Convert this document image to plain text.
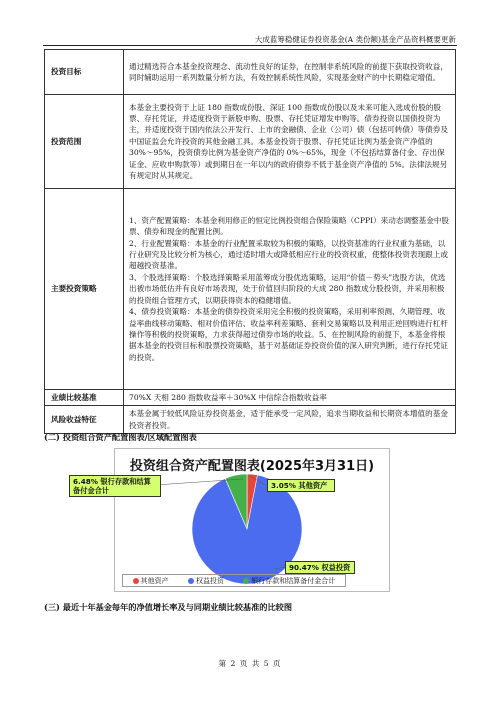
大成蓝筹稳健证券投资基金(A 类份额)基金产品资料概要更新
投资目标	通过精选符合本基金投资理念、流动性良好的证券，在控制非系统风险的前提下获取投资收益，同时辅助运用一系列数量分析方法，有效控制系统性风险，实现基金财产的中长期稳定增值。
投资范围	本基金主要投资于上证 180 指数成份股、深证 100 指数成份股以及未来可能入选成份股的股票、存托凭证，并适度投资于新股申购、股票、存托凭证增发申购等。债券投资以国债投资为主，并适度投资于国内依法公开发行、上市的金融债、企业（公司）债（包括可转债）等债券及中国证监会允许投资的其他金融工具。本基金投资于股票、存托凭证比例为基金资产净值的 30%～95%，投资债券比例为基金资产净值的 0%～65%，现金（不包括结算备付金、存出保证金、应收申购款等）或到期日在一年以内的政府债券不低于基金资产净值的 5%。法律法规另有规定时从其规定。
主要投资策略	1、资产配置策略：本基金利用修正的恒定比例投资组合保险策略（CPPI）来动态调整基金中股票、债券和现金的配置比例。
2、行业配置策略：本基金的行业配置采取较为积极的策略，以投资基准的行业权重为基础，以行业研究及比较分析为核心，通过适时增大或降低相应行业的投资权重，使整体投资表现跟上或超越投资基准。
3、个股选择策略：个股选择策略采用蓝筹成分股优选策略，运用“价值－势头”选股方法，优选出被市场低估并有良好市场表现，处于价值回归阶段的大成 280 指数成分股投资，并采用积极的投资组合管理方式，以期获得资本的稳健增值。
4、债券投资策略：本基金的债券投资采用完全积极的投资策略，采用利率预测、久期管理、收益率曲线移动策略、相对价值评估、收益率利差策略、套利交易策略以及利用正逆回购进行杠杆操作等积极的投资策略，力求获得超过债券市场的收益。5、在控制风险的前提下，本基金将根据本基金的投资目标和股票投资策略，基于对基础证券投资价值的深入研究判断，进行存托凭证的投资。
业绩比较基准	70%X 天相 280 指数收益率＋30%X 中信综合指数收益率
风险收益特征	本基金属于较低风险证券投资基金，适于能承受一定风险，追求当期收益和长期资本增值的基金投资者投资。
(二) 投资组合资产配置图表/区域配置图表
投资组合资产配置图表(2025年3月31日)
6.48% 银行存款和结算备付金合计
3.05% 其他资产
90.47% 权益投资
其他资产	权益投资	银行存款和结算备付金合计
(三) 最近十年基金每年的净值增长率及与同期业绩比较基准的比较图
第 2 页 共 5 页
